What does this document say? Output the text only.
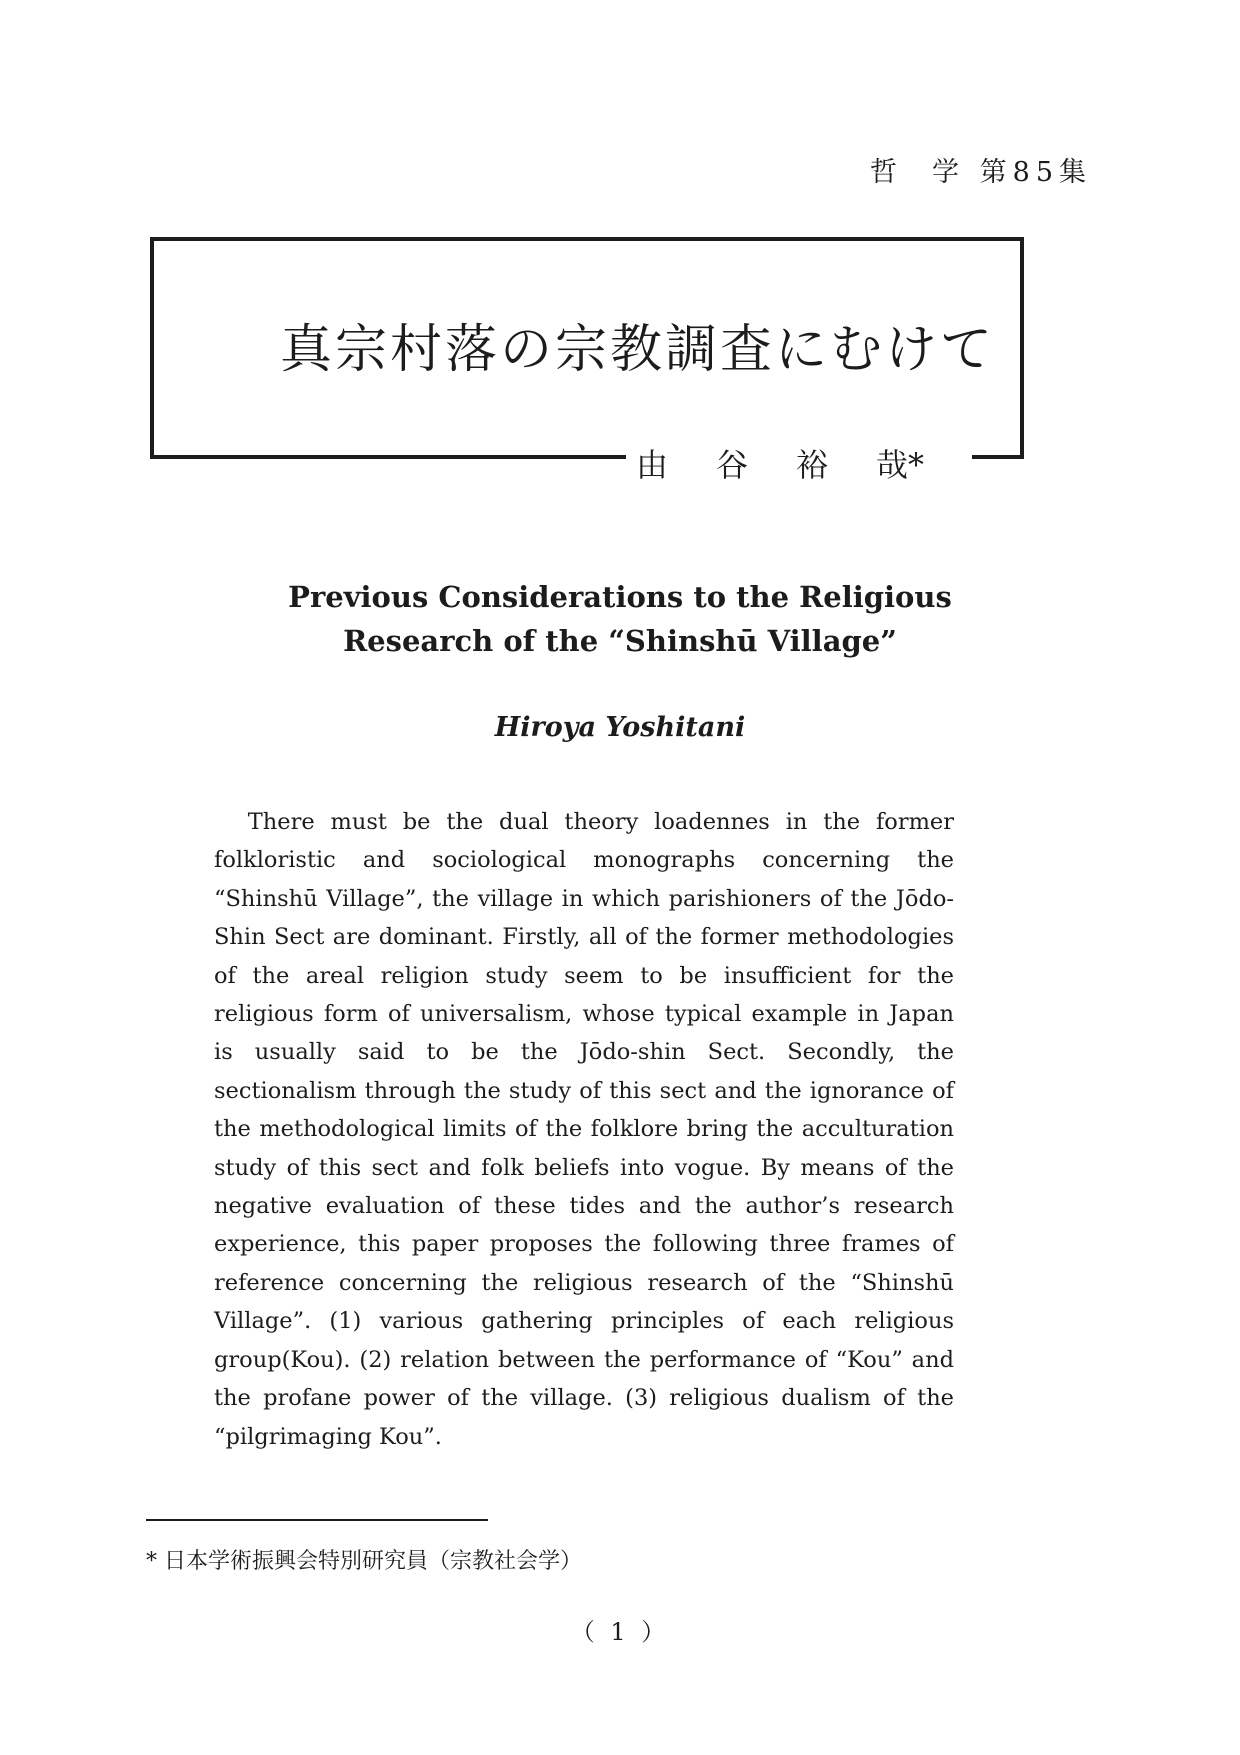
哲  学 第85集
真宗村落の宗教調査にむけて
由	谷	裕	哉*
Previous Considerations to the Religious
Research of the “Shinshū Village”
Hiroya Yoshitani

There must be the dual theory loadennes in the former folkloristic and sociological monographs concerning the “Shinshū Village”, the village in which parishioners of the Jōdo-Shin Sect are dominant. Firstly, all of the former methodologies of the areal religion study seem to be insufficient for the religious form of universalism, whose typical example in Japan is usually said to be the Jōdo-shin Sect. Secondly, the sectionalism through the study of this sect and the ignorance of the methodological limits of the folklore bring the acculturation study of this sect and folk beliefs into vogue. By means of the negative evaluation of these tides and the author’s research experience, this paper proposes the following three frames of reference concerning the religious research of the “Shinshū Village”. (1) various gathering principles of each religious group(Kou). (2) relation between the performance of “Kou” and the profane power of the village. (3) religious dualism of the “pilgrimaging Kou”.

* 日本学術振興会特別研究員（宗教社会学）
（ 1 ）
